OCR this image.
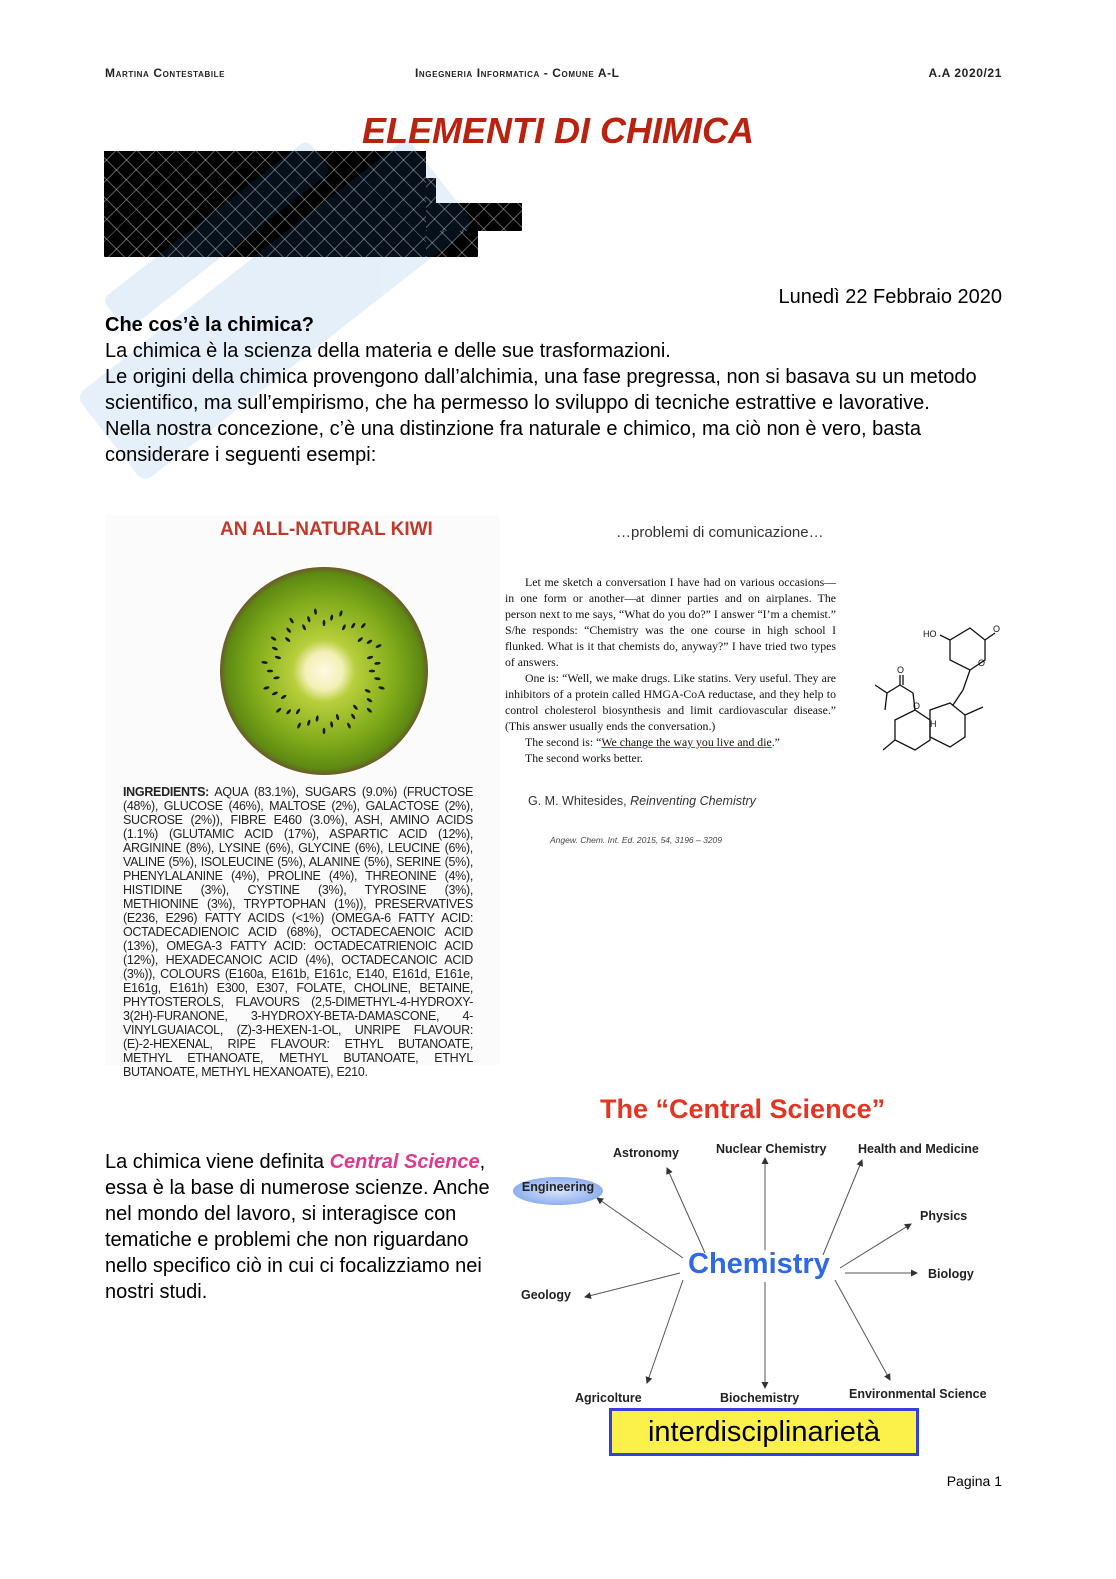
Martina Contestabile	Ingegneria Informatica - Comune A-L	A.A 2020/21
ELEMENTI DI CHIMICA
Lunedì 22 Febbraio 2020
Che cos’è la chimica?
La chimica è la scienza della materia e delle sue trasformazioni.
Le origini della chimica provengono dall’alchimia, una fase pregressa, non si basava su un metodo scientifico, ma sull’empirismo, che ha permesso lo sviluppo di tecniche estrattive e lavorative.
Nella nostra concezione, c’è una distinzione fra naturale e chimico, ma ciò non è vero, basta considerare i seguenti esempi:
AN ALL-NATURAL KIWI
INGREDIENTS: AQUA (83.1%), SUGARS (9.0%) (FRUCTOSE (48%), GLUCOSE (46%), MALTOSE (2%), GALACTOSE (2%), SUCROSE (2%)), FIBRE E460 (3.0%), ASH, AMINO ACIDS (1.1%) (GLUTAMIC ACID (17%), ASPARTIC ACID (12%), ARGININE (8%), LYSINE (6%), GLYCINE (6%), LEUCINE (6%), VALINE (5%), ISOLEUCINE (5%), ALANINE (5%), SERINE (5%), PHENYLALANINE (4%), PROLINE (4%), THREONINE (4%), HISTIDINE (3%), CYSTINE (3%), TYROSINE (3%), METHIONINE (3%), TRYPTOPHAN (1%)), PRESERVATIVES (E236, E296) FATTY ACIDS (<1%) (OMEGA-6 FATTY ACID: OCTADECADIENOIC ACID (68%), OCTADECAENOIC ACID (13%), OMEGA-3 FATTY ACID: OCTADECATRIENOIC ACID (12%), HEXADECANOIC ACID (4%), OCTADECANOIC ACID (3%)), COLOURS (E160a, E161b, E161c, E140, E161d, E161e, E161g, E161h) E300, E307, FOLATE, CHOLINE, BETAINE, PHYTOSTEROLS, FLAVOURS (2,5-DIMETHYL-4-HYDROXY-3(2H)-FURANONE, 3-HYDROXY-BETA-DAMASCONE, 4-VINYLGUAIACOL, (Z)-3-HEXEN-1-OL, UNRIPE FLAVOUR: (E)-2-HEXENAL, RIPE FLAVOUR: ETHYL BUTANOATE, METHYL ETHANOATE, METHYL BUTANOATE, ETHYL BUTANOATE, METHYL HEXANOATE), E210.
…problemi di comunicazione…
Let me sketch a conversation I have had on various occasions—in one form or another—at dinner parties and on airplanes. The person next to me says, “What do you do?” I answer “I’m a chemist.” S/he responds: “Chemistry was the one course in high school I flunked. What is it that chemists do, anyway?” I have tried two types of answers.
One is: “Well, we make drugs. Like statins. Very useful. They are inhibitors of a protein called HMGA-CoA reductase, and they help to control cholesterol biosynthesis and limit cardiovascular disease.” (This answer usually ends the conversation.)
The second is: “We change the way you live and die.”
The second works better.
G. M. Whitesides, Reinventing Chemistry
Angew. Chem. Int. Ed. 2015, 54, 3196 – 3209
HO	O
O
O
O
H
La chimica viene definita Central Science, essa è la base di numerose scienze. Anche nel mondo del lavoro, si interagisce con tematiche e problemi che non riguardano nello specifico ciò in cui ci focalizziamo nei nostri studi.
The “Central Science”
Astronomy	Nuclear Chemistry	Health and Medicine
Engineering
Physics
Chemistry	Biology
Geology
Agricolture	Biochemistry	Environmental Science
interdisciplinarietà
Pagina 1
